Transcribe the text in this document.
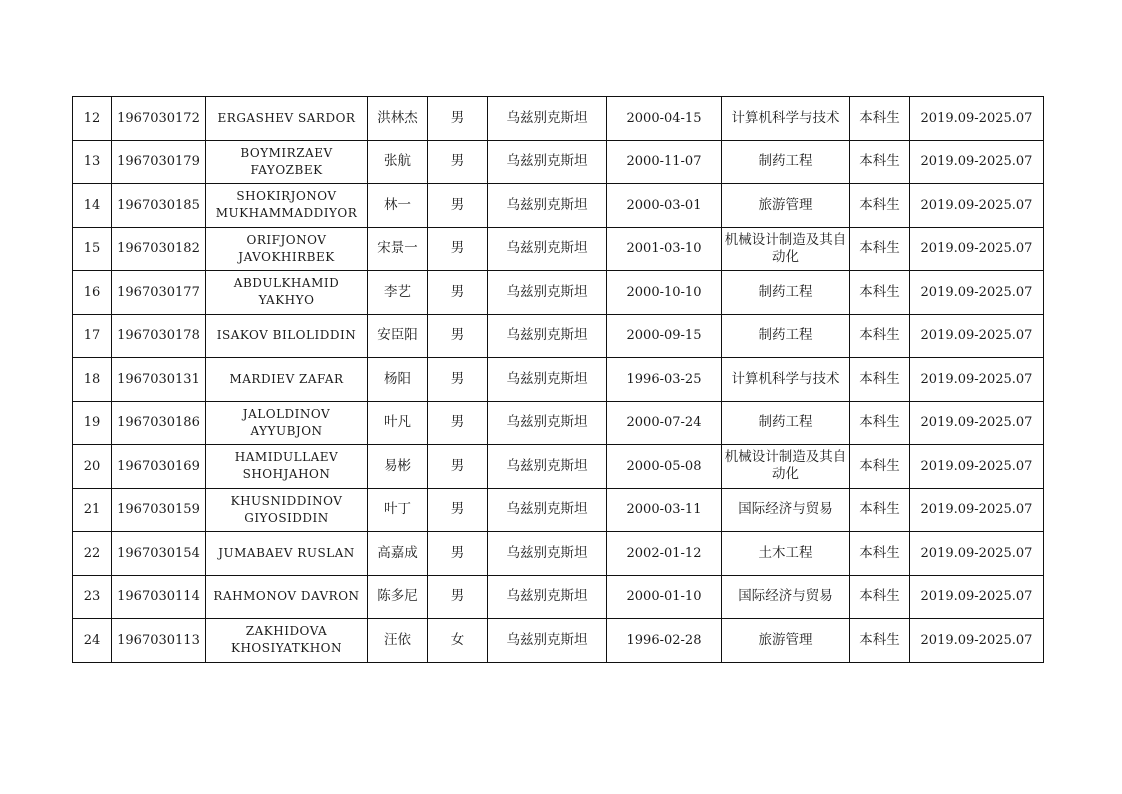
12	1967030172	ERGASHEV SARDOR	洪林杰	男	乌兹别克斯坦	2000-04-15	计算机科学与技术	本科生	2019.09-2025.07
13	1967030179	BOYMIRZAEV FAYOZBEK	张航	男	乌兹别克斯坦	2000-11-07	制药工程	本科生	2019.09-2025.07
14	1967030185	SHOKIRJONOV MUKHAMMADDIYOR	林一	男	乌兹别克斯坦	2000-03-01	旅游管理	本科生	2019.09-2025.07
15	1967030182	ORIFJONOV JAVOKHIRBEK	宋景一	男	乌兹别克斯坦	2001-03-10	机械设计制造及其自动化	本科生	2019.09-2025.07
16	1967030177	ABDULKHAMID YAKHYO	李艺	男	乌兹别克斯坦	2000-10-10	制药工程	本科生	2019.09-2025.07
17	1967030178	ISAKOV BILOLIDDIN	安臣阳	男	乌兹别克斯坦	2000-09-15	制药工程	本科生	2019.09-2025.07
18	1967030131	MARDIEV ZAFAR	杨阳	男	乌兹别克斯坦	1996-03-25	计算机科学与技术	本科生	2019.09-2025.07
19	1967030186	JALOLDINOV AYYUBJON	叶凡	男	乌兹别克斯坦	2000-07-24	制药工程	本科生	2019.09-2025.07
20	1967030169	HAMIDULLAEV SHOHJAHON	易彬	男	乌兹别克斯坦	2000-05-08	机械设计制造及其自动化	本科生	2019.09-2025.07
21	1967030159	KHUSNIDDINOV GIYOSIDDIN	叶丁	男	乌兹别克斯坦	2000-03-11	国际经济与贸易	本科生	2019.09-2025.07
22	1967030154	JUMABAEV RUSLAN	高嘉成	男	乌兹别克斯坦	2002-01-12	土木工程	本科生	2019.09-2025.07
23	1967030114	RAHMONOV DAVRON	陈多尼	男	乌兹别克斯坦	2000-01-10	国际经济与贸易	本科生	2019.09-2025.07
24	1967030113	ZAKHIDOVA KHOSIYATKHON	汪依	女	乌兹别克斯坦	1996-02-28	旅游管理	本科生	2019.09-2025.07
